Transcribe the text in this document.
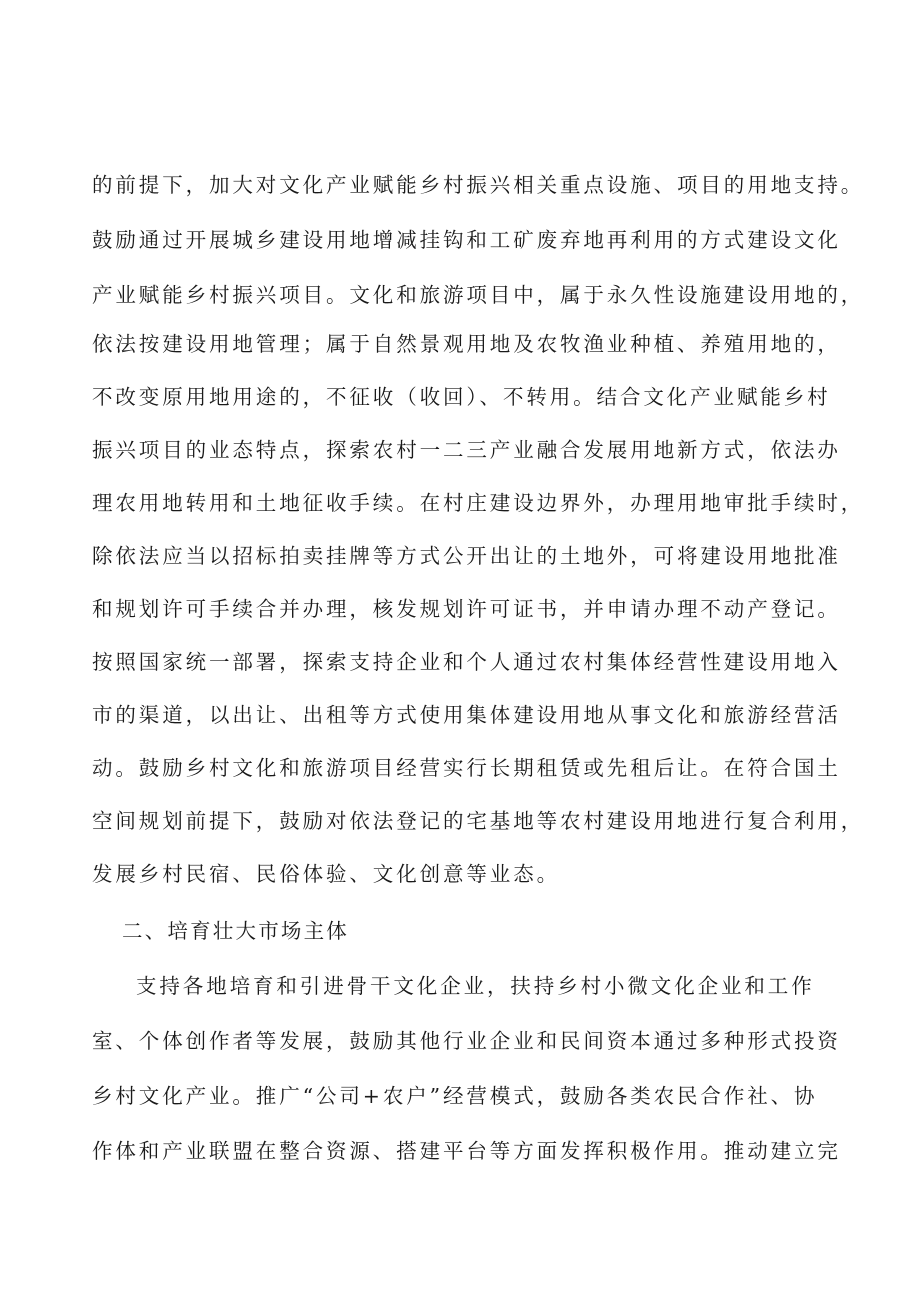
的前提下，加大对文化产业赋能乡村振兴相关重点设施、项目的用地支持。
鼓励通过开展城乡建设用地增减挂钩和工矿废弃地再利用的方式建设文化
产业赋能乡村振兴项目。文化和旅游项目中，属于永久性设施建设用地的，
依法按建设用地管理；属于自然景观用地及农牧渔业种植、养殖用地的，
不改变原用地用途的，不征收（收回）、不转用。结合文化产业赋能乡村
振兴项目的业态特点，探索农村一二三产业融合发展用地新方式，依法办
理农用地转用和土地征收手续。在村庄建设边界外，办理用地审批手续时，
除依法应当以招标拍卖挂牌等方式公开出让的土地外，可将建设用地批准
和规划许可手续合并办理，核发规划许可证书，并申请办理不动产登记。
按照国家统一部署，探索支持企业和个人通过农村集体经营性建设用地入
市的渠道，以出让、出租等方式使用集体建设用地从事文化和旅游经营活
动。鼓励乡村文化和旅游项目经营实行长期租赁或先租后让。在符合国土
空间规划前提下，鼓励对依法登记的宅基地等农村建设用地进行复合利用，
发展乡村民宿、民俗体验、文化创意等业态。
二、培育壮大市场主体
支持各地培育和引进骨干文化企业，扶持乡村小微文化企业和工作
室、个体创作者等发展，鼓励其他行业企业和民间资本通过多种形式投资
乡村文化产业。推广“公司+农户”经营模式，鼓励各类农民合作社、协
作体和产业联盟在整合资源、搭建平台等方面发挥积极作用。推动建立完
